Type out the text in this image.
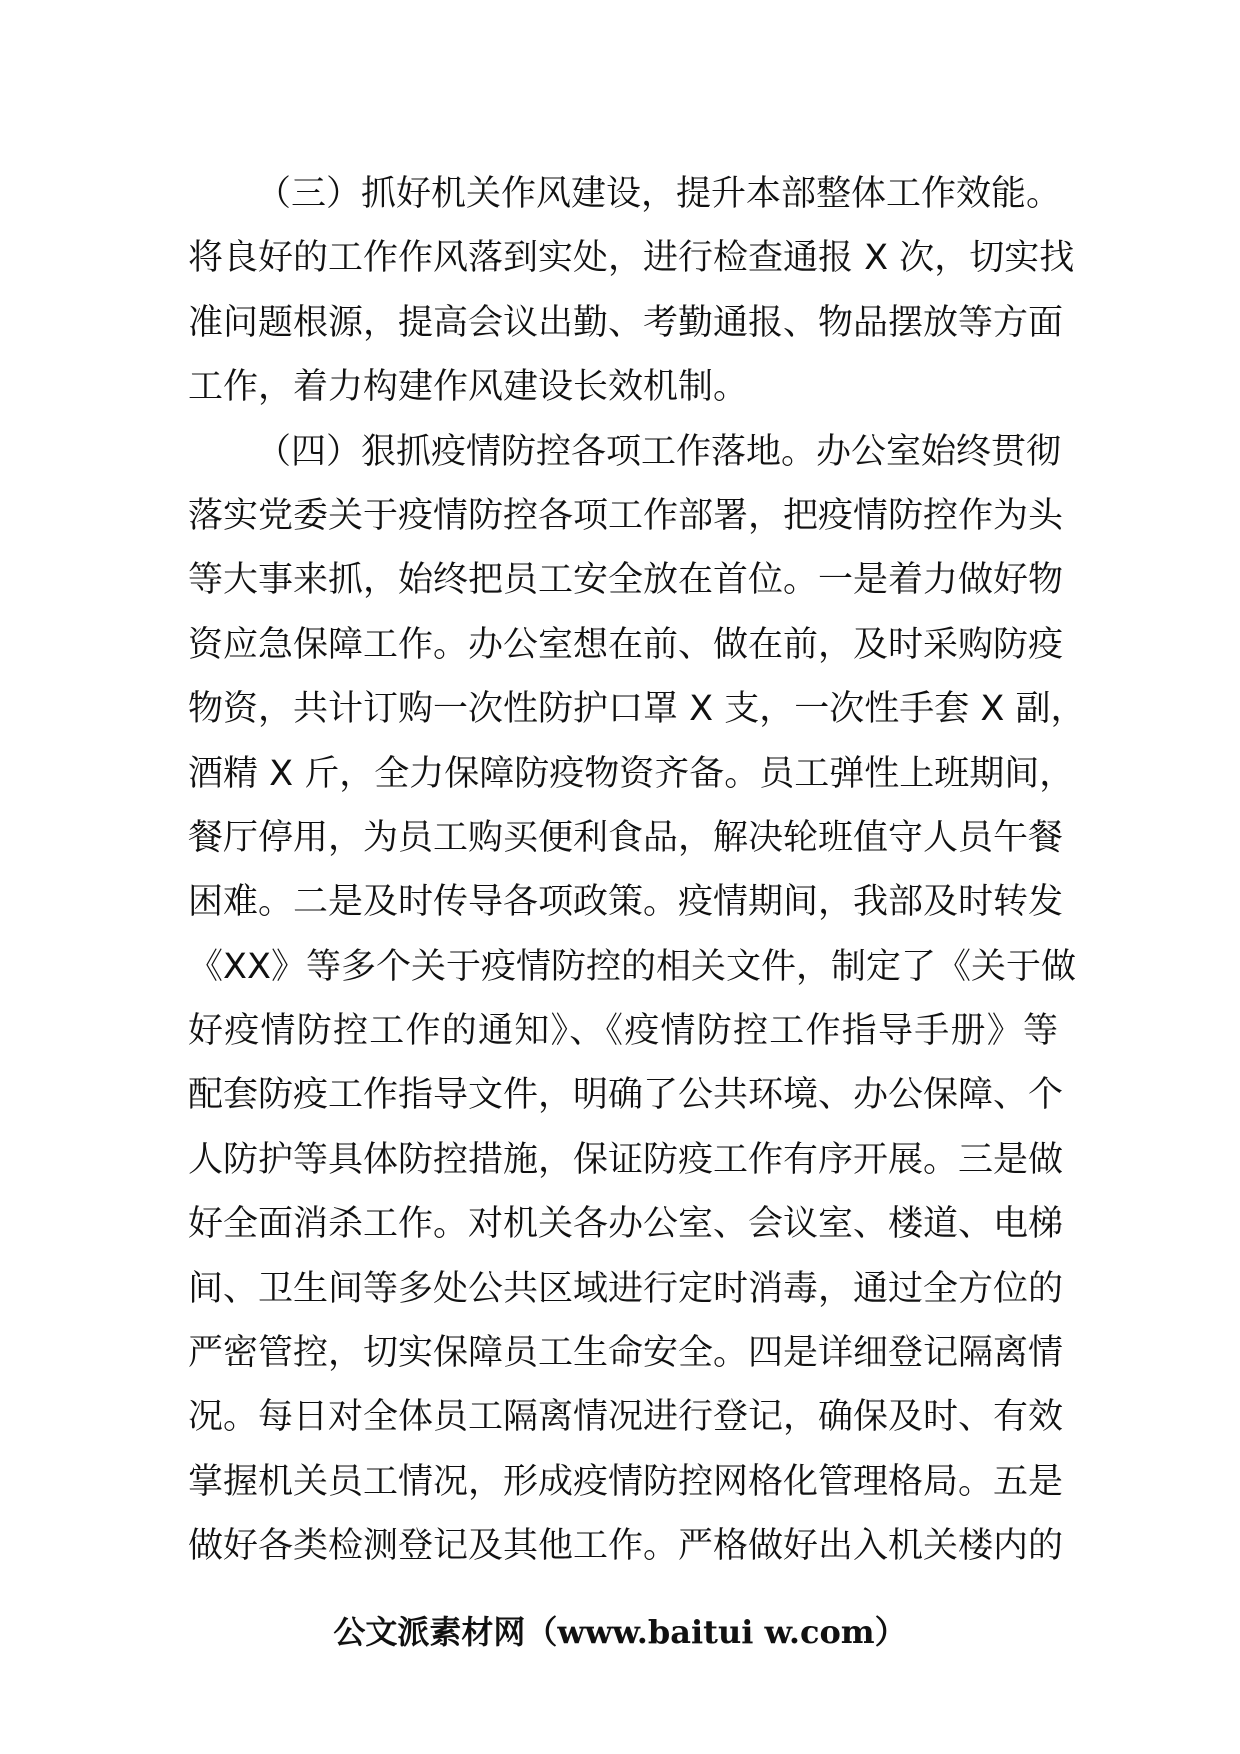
（三）抓好机关作风建设，提升本部整体工作效能。
将良好的工作作风落到实处，进行检查通报 X 次，切实找
准问题根源，提高会议出勤、考勤通报、物品摆放等方面
工作，着力构建作风建设长效机制。
（四）狠抓疫情防控各项工作落地。办公室始终贯彻
落实党委关于疫情防控各项工作部署，把疫情防控作为头
等大事来抓，始终把员工安全放在首位。一是着力做好物
资应急保障工作。办公室想在前、做在前，及时采购防疫
物资，共计订购一次性防护口罩 X 支，一次性手套 X 副，
酒精 X 斤，全力保障防疫物资齐备。员工弹性上班期间，
餐厅停用，为员工购买便利食品，解决轮班值守人员午餐
困难。二是及时传导各项政策。疫情期间，我部及时转发
《XX》等多个关于疫情防控的相关文件，制定了《关于做
好疫情防控工作的通知》、《疫情防控工作指导手册》等
配套防疫工作指导文件，明确了公共环境、办公保障、个
人防护等具体防控措施，保证防疫工作有序开展。三是做
好全面消杀工作。对机关各办公室、会议室、楼道、电梯
间、卫生间等多处公共区域进行定时消毒，通过全方位的
严密管控，切实保障员工生命安全。四是详细登记隔离情
况。每日对全体员工隔离情况进行登记，确保及时、有效
掌握机关员工情况，形成疫情防控网格化管理格局。五是
做好各类检测登记及其他工作。严格做好出入机关楼内的
公文派素材网（www.baitui w.com）
